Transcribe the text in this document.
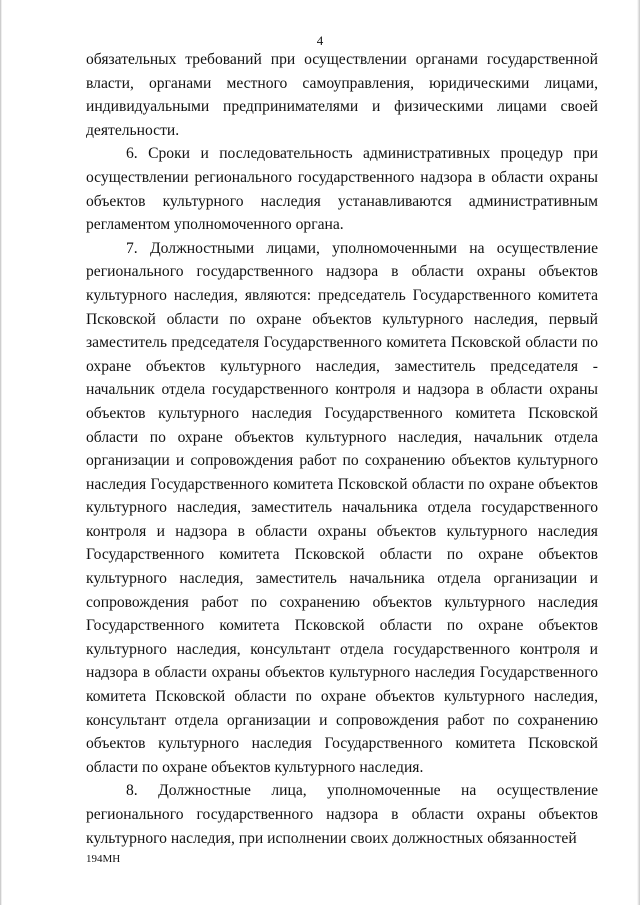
4

обязательных требований при осуществлении органами государственной власти, органами местного самоуправления, юридическими лицами, индивидуальными предпринимателями и физическими лицами своей деятельности.

6. Сроки и последовательность административных процедур при осуществлении регионального государственного надзора в области охраны объектов культурного наследия устанавливаются административным регламентом уполномоченного органа.

7. Должностными лицами, уполномоченными на осуществление регионального государственного надзора в области охраны объектов культурного наследия, являются: председатель Государственного комитета Псковской области по охране объектов культурного наследия, первый заместитель председателя Государственного комитета Псковской области по охране объектов культурного наследия, заместитель председателя - начальник отдела государственного контроля и надзора в области охраны объектов культурного наследия Государственного комитета Псковской области по охране объектов культурного наследия, начальник отдела организации и сопровождения работ по сохранению объектов культурного наследия Государственного комитета Псковской области по охране объектов культурного наследия, заместитель начальника отдела государственного контроля и надзора в области охраны объектов культурного наследия Государственного комитета Псковской области по охране объектов культурного наследия, заместитель начальника отдела организации и сопровождения работ по сохранению объектов культурного наследия Государственного комитета Псковской области по охране объектов культурного наследия, консультант отдела государственного контроля и надзора в области охраны объектов культурного наследия Государственного комитета Псковской области по охране объектов культурного наследия, консультант отдела организации и сопровождения работ по сохранению объектов культурного наследия Государственного комитета Псковской области по охране объектов культурного наследия.

8. Должностные лица, уполномоченные на осуществление регионального государственного надзора в области охраны объектов культурного наследия, при исполнении своих должностных обязанностей

194МН
